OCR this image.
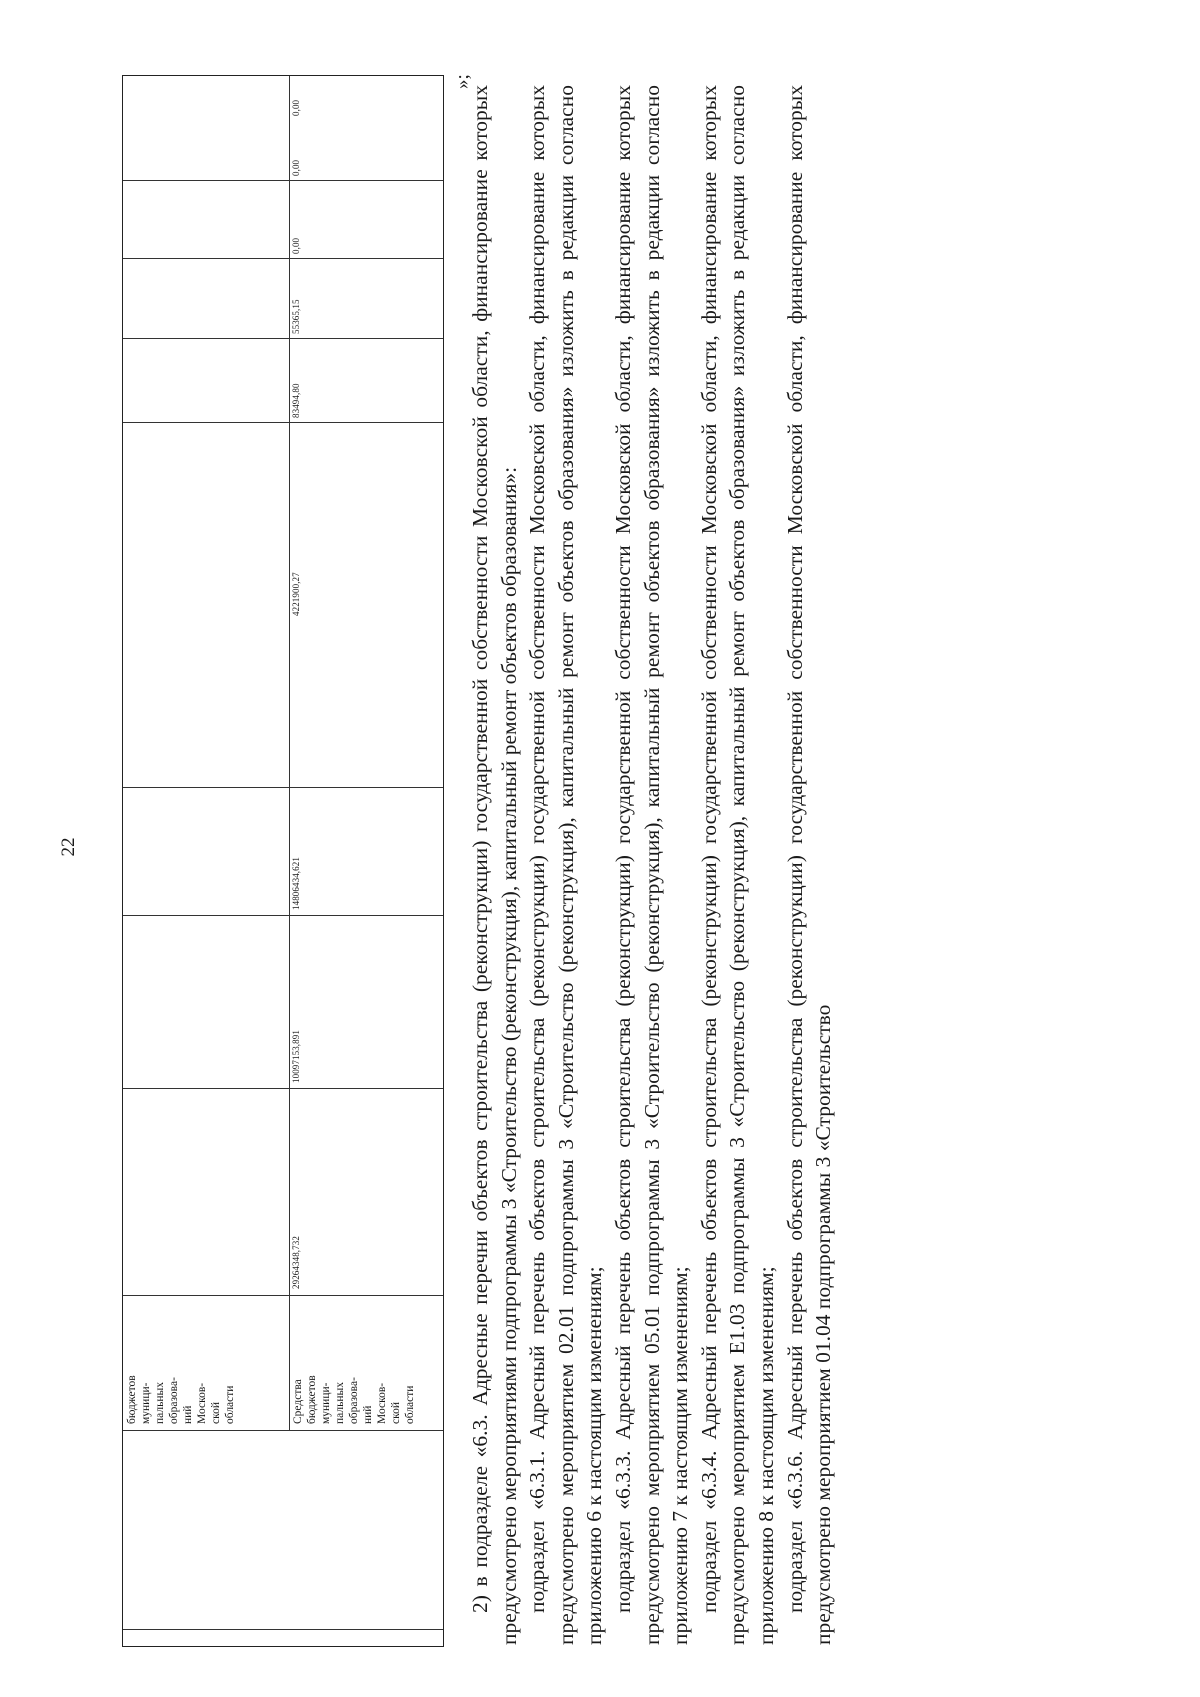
22
бюджетов
муници-
пальных
образова-
ний
Москов-
ской
области	Средства
бюджетов
муници-
пальных
образова-
ний
Москов-
ской
области
29264348,732
10097153,891
14806434,621
4221900,27
83494,80
55365,15
0,00
0,00
0,00
»;

2) в подразделе «6.3. Адресные перечни объектов строительства (реконструкции) государственной собственности Московской области, финансирование которых предусмотрено мероприятиями подпрограммы 3 «Строительство (реконструкция), капитальный ремонт объектов образования»: подраздел «6.3.1. Адресный перечень объектов строительства (реконструкции) государственной собственности Московской области, финансирование которых предусмотрено мероприятием 02.01 подпрограммы 3 «Строительство (реконструкция), капитальный ремонт объектов образования» изложить в редакции согласно приложению 6 к настоящим изменениям; подраздел «6.3.3. Адресный перечень объектов строительства (реконструкции) государственной собственности Московской области, финансирование которых предусмотрено мероприятием 05.01 подпрограммы 3 «Строительство (реконструкция), капитальный ремонт объектов образования» изложить в редакции согласно приложению 7 к настоящим изменениям; подраздел «6.3.4. Адресный перечень объектов строительства (реконструкции) государственной собственности Московской области, финансирование которых предусмотрено мероприятием Е1.03 подпрограммы 3 «Строительство (реконструкция), капитальный ремонт объектов образования» изложить в редакции согласно приложению 8 к настоящим изменениям; подраздел «6.3.6. Адресный перечень объектов строительства (реконструкции) государственной собственности Московской области, финансирование которых предусмотрено мероприятием 01.04 подпрограммы 3 «Строительство
